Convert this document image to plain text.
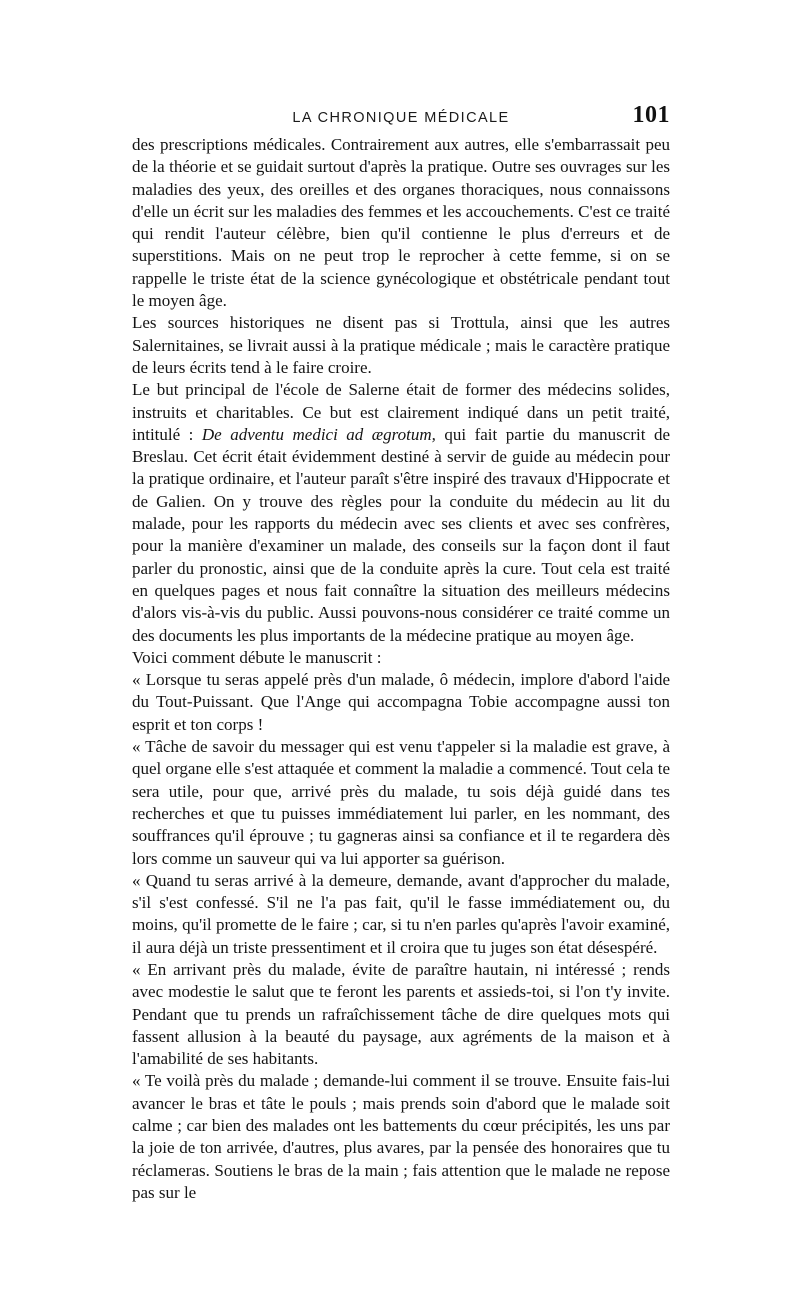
LA CHRONIQUE MÉDICALE	101

des prescriptions médicales. Contrairement aux autres, elle s'embarrassait peu de la théorie et se guidait surtout d'après la pratique. Outre ses ouvrages sur les maladies des yeux, des oreilles et des organes thoraciques, nous connaissons d'elle un écrit sur les maladies des femmes et les accouchements. C'est ce traité qui rendit l'auteur célèbre, bien qu'il contienne le plus d'erreurs et de superstitions. Mais on ne peut trop le reprocher à cette femme, si on se rappelle le triste état de la science gynécologique et obstétricale pendant tout le moyen âge.

Les sources historiques ne disent pas si Trottula, ainsi que les autres Salernitaines, se livrait aussi à la pratique médicale ; mais le caractère pratique de leurs écrits tend à le faire croire.

Le but principal de l'école de Salerne était de former des médecins solides, instruits et charitables. Ce but est clairement indiqué dans un petit traité, intitulé : De adventu medici ad ægrotum, qui fait partie du manuscrit de Breslau. Cet écrit était évidemment destiné à servir de guide au médecin pour la pratique ordinaire, et l'auteur paraît s'être inspiré des travaux d'Hippocrate et de Galien. On y trouve des règles pour la conduite du médecin au lit du malade, pour les rapports du médecin avec ses clients et avec ses confrères, pour la manière d'examiner un malade, des conseils sur la façon dont il faut parler du pronostic, ainsi que de la conduite après la cure. Tout cela est traité en quelques pages et nous fait connaître la situation des meilleurs médecins d'alors vis-à-vis du public. Aussi pouvons-nous considérer ce traité comme un des documents les plus importants de la médecine pratique au moyen âge.

Voici comment débute le manuscrit :

« Lorsque tu seras appelé près d'un malade, ô médecin, implore d'abord l'aide du Tout-Puissant. Que l'Ange qui accompagna Tobie accompagne aussi ton esprit et ton corps !

« Tâche de savoir du messager qui est venu t'appeler si la maladie est grave, à quel organe elle s'est attaquée et comment la maladie a commencé. Tout cela te sera utile, pour que, arrivé près du malade, tu sois déjà guidé dans tes recherches et que tu puisses immédiatement lui parler, en les nommant, des souffrances qu'il éprouve ; tu gagneras ainsi sa confiance et il te regardera dès lors comme un sauveur qui va lui apporter sa guérison.

« Quand tu seras arrivé à la demeure, demande, avant d'approcher du malade, s'il s'est confessé. S'il ne l'a pas fait, qu'il le fasse immédiatement ou, du moins, qu'il promette de le faire ; car, si tu n'en parles qu'après l'avoir examiné, il aura déjà un triste pressentiment et il croira que tu juges son état désespéré.

« En arrivant près du malade, évite de paraître hautain, ni intéressé ; rends avec modestie le salut que te feront les parents et assieds-toi, si l'on t'y invite. Pendant que tu prends un rafraîchissement tâche de dire quelques mots qui fassent allusion à la beauté du paysage, aux agréments de la maison et à l'amabilité de ses habitants.

« Te voilà près du malade ; demande-lui comment il se trouve. Ensuite fais-lui avancer le bras et tâte le pouls ; mais prends soin d'abord que le malade soit calme ; car bien des malades ont les battements du cœur précipités, les uns par la joie de ton arrivée, d'autres, plus avares, par la pensée des honoraires que tu réclameras. Soutiens le bras de la main ; fais attention que le malade ne repose pas sur le
